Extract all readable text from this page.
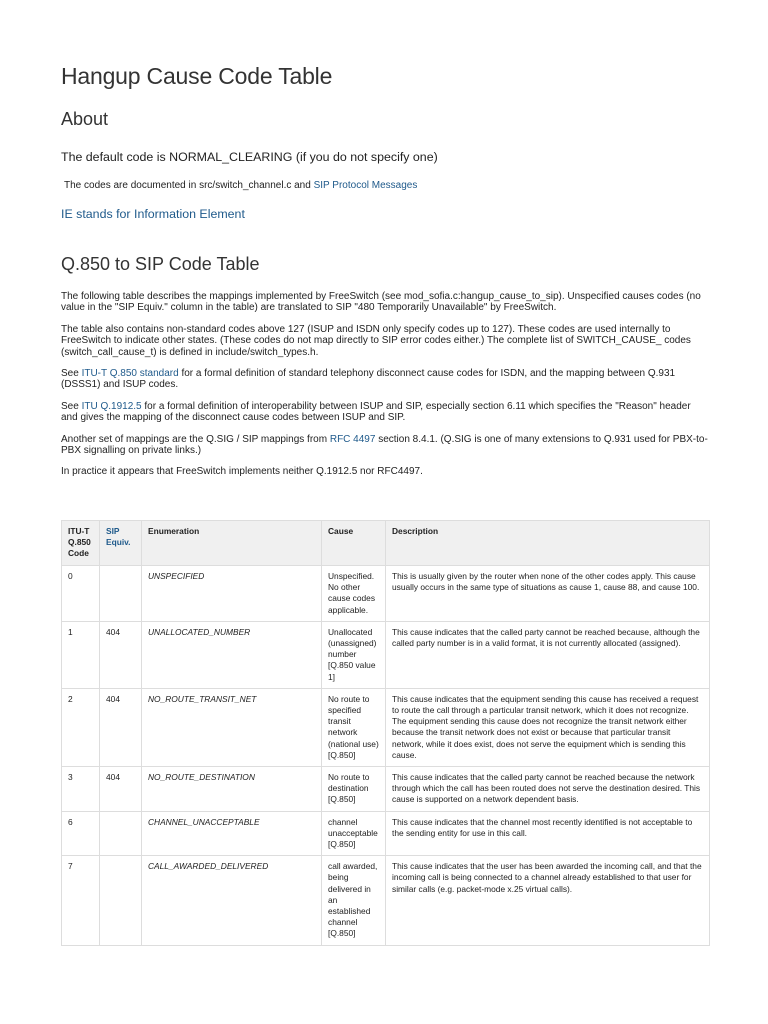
Hangup Cause Code Table
About
The default code is NORMAL_CLEARING (if you do not specify one)
The codes are documented in src/switch_channel.c and SIP Protocol Messages
IE stands for Information Element
Q.850 to SIP Code Table

The following table describes the mappings implemented by FreeSwitch (see mod_sofia.c:hangup_cause_to_sip). Unspecified causes codes (no value in the "SIP Equiv." column in the table) are translated to SIP "480 Temporarily Unavailable" by FreeSwitch.

The table also contains non-standard codes above 127 (ISUP and ISDN only specify codes up to 127). These codes are used internally to FreeSwitch to indicate other states. (These codes do not map directly to SIP error codes either.) The complete list of SWITCH_CAUSE_ codes (switch_call_cause_t) is defined in include/switch_types.h.

See ITU-T Q.850 standard for a formal definition of standard telephony disconnect cause codes for ISDN, and the mapping between Q.931 (DSSS1) and ISUP codes.

See ITU Q.1912.5 for a formal definition of interoperability between ISUP and SIP, especially section 6.11 which specifies the "Reason" header and gives the mapping of the disconnect cause codes between ISUP and SIP.

Another set of mappings are the Q.SIG / SIP mappings from RFC 4497 section 8.4.1. (Q.SIG is one of many extensions to Q.931 used for PBX-to-PBX signalling on private links.)

In practice it appears that FreeSwitch implements neither Q.1912.5 nor RFC4497.

ITU-T Q.850 Code	SIP Equiv.	Enumeration	Cause	Description
0		UNSPECIFIED	Unspecified. No other cause codes applicable.	This is usually given by the router when none of the other codes apply. This cause usually occurs in the same type of situations as cause 1, cause 88, and cause 100.
1	404	UNALLOCATED_NUMBER	Unallocated (unassigned) number [Q.850 value 1]	This cause indicates that the called party cannot be reached because, although the called party number is in a valid format, it is not currently allocated (assigned).
2	404	NO_ROUTE_TRANSIT_NET	No route to specified transit network (national use) [Q.850]	This cause indicates that the equipment sending this cause has received a request to route the call through a particular transit network, which it does not recognize. The equipment sending this cause does not recognize the transit network either because the transit network does not exist or because that particular transit network, while it does exist, does not serve the equipment which is sending this cause.
3	404	NO_ROUTE_DESTINATION	No route to destination [Q.850]	This cause indicates that the called party cannot be reached because the network through which the call has been routed does not serve the destination desired. This cause is supported on a network dependent basis.
6		CHANNEL_UNACCEPTABLE	channel unacceptable [Q.850]	This cause indicates that the channel most recently identified is not acceptable to the sending entity for use in this call.
7		CALL_AWARDED_DELIVERED	call awarded, being delivered in an established channel [Q.850]	This cause indicates that the user has been awarded the incoming call, and that the incoming call is being connected to a channel already established to that user for similar calls (e.g. packet-mode x.25 virtual calls).
